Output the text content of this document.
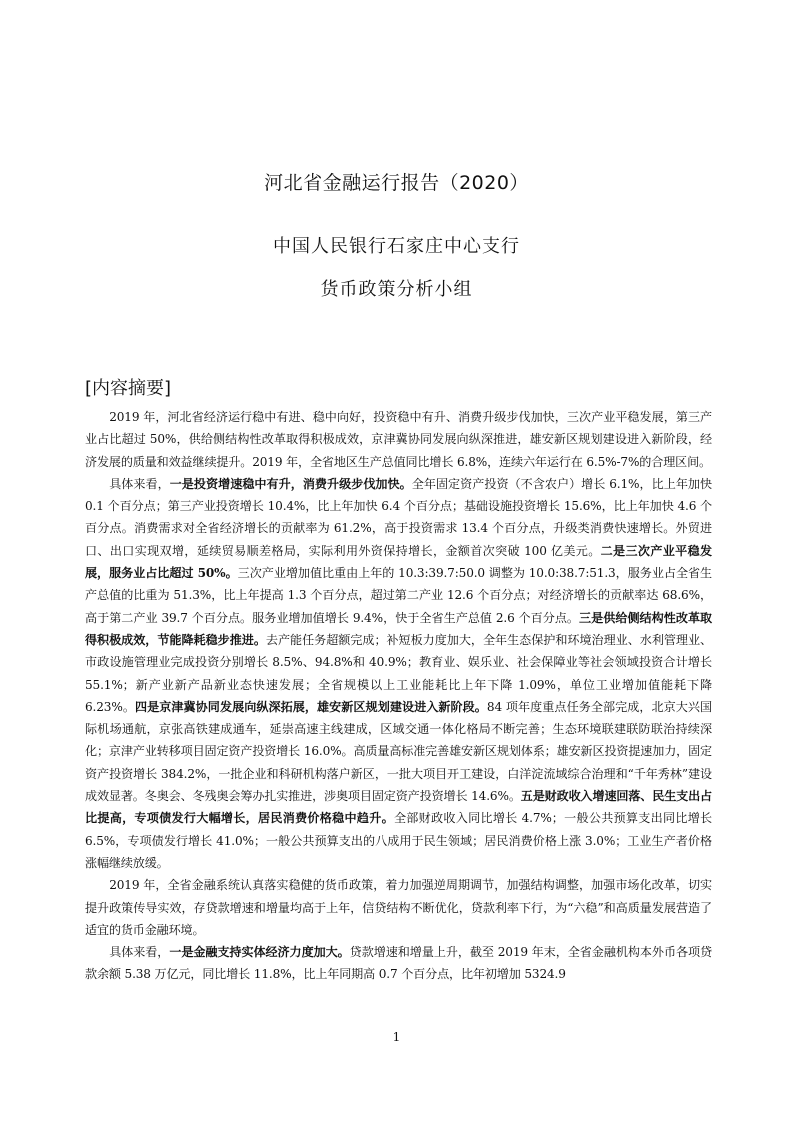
河北省金融运行报告（2020）
中国人民银行石家庄中心支行
货币政策分析小组
[内容摘要]

2019 年，河北省经济运行稳中有进、稳中向好，投资稳中有升、消费升级步伐加快，三次产业平稳发展，第三产业占比超过 50%，供给侧结构性改革取得积极成效，京津冀协同发展向纵深推进，雄安新区规划建设进入新阶段，经济发展的质量和效益继续提升。2019 年，全省地区生产总值同比增长 6.8%，连续六年运行在 6.5%-7%的合理区间。

具体来看，一是投资增速稳中有升，消费升级步伐加快。全年固定资产投资（不含农户）增长 6.1%，比上年加快 0.1 个百分点；第三产业投资增长 10.4%，比上年加快 6.4 个百分点；基础设施投资增长 15.6%，比上年加快 4.6 个百分点。消费需求对全省经济增长的贡献率为 61.2%，高于投资需求 13.4 个百分点，升级类消费快速增长。外贸进口、出口实现双增，延续贸易顺差格局，实际利用外资保持增长，金额首次突破 100 亿美元。二是三次产业平稳发展，服务业占比超过 50%。三次产业增加值比重由上年的 10.3:39.7:50.0 调整为 10.0:38.7:51.3，服务业占全省生产总值的比重为 51.3%，比上年提高 1.3 个百分点，超过第二产业 12.6 个百分点；对经济增长的贡献率达 68.6%，高于第二产业 39.7 个百分点。服务业增加值增长 9.4%，快于全省生产总值 2.6 个百分点。三是供给侧结构性改革取得积极成效，节能降耗稳步推进。去产能任务超额完成；补短板力度加大，全年生态保护和环境治理业、水利管理业、市政设施管理业完成投资分别增长 8.5%、94.8%和 40.9%；教育业、娱乐业、社会保障业等社会领域投资合计增长 55.1%；新产业新产品新业态快速发展；全省规模以上工业能耗比上年下降 1.09%，单位工业增加值能耗下降 6.23%。四是京津冀协同发展向纵深拓展，雄安新区规划建设进入新阶段。84 项年度重点任务全部完成，北京大兴国际机场通航，京张高铁建成通车，延崇高速主线建成，区域交通一体化格局不断完善；生态环境联建联防联治持续深化；京津产业转移项目固定资产投资增长 16.0%。高质量高标准完善雄安新区规划体系；雄安新区投资提速加力，固定资产投资增长 384.2%，一批企业和科研机构落户新区，一批大项目开工建设，白洋淀流域综合治理和“千年秀林”建设成效显著。冬奥会、冬残奥会筹办扎实推进，涉奥项目固定资产投资增长 14.6%。五是财政收入增速回落、民生支出占比提高，专项债发行大幅增长，居民消费价格稳中趋升。全部财政收入同比增长 4.7%；一般公共预算支出同比增长 6.5%，专项债发行增长 41.0%；一般公共预算支出的八成用于民生领域；居民消费价格上涨 3.0%；工业生产者价格涨幅继续放缓。

2019 年，全省金融系统认真落实稳健的货币政策，着力加强逆周期调节，加强结构调整，加强市场化改革，切实提升政策传导实效，存贷款增速和增量均高于上年，信贷结构不断优化，贷款利率下行，为“六稳”和高质量发展营造了适宜的货币金融环境。

具体来看，一是金融支持实体经济力度加大。贷款增速和增量上升，截至 2019 年末，全省金融机构本外币各项贷款余额 5.38 万亿元，同比增长 11.8%，比上年同期高 0.7 个百分点，比年初增加 5324.9

1
